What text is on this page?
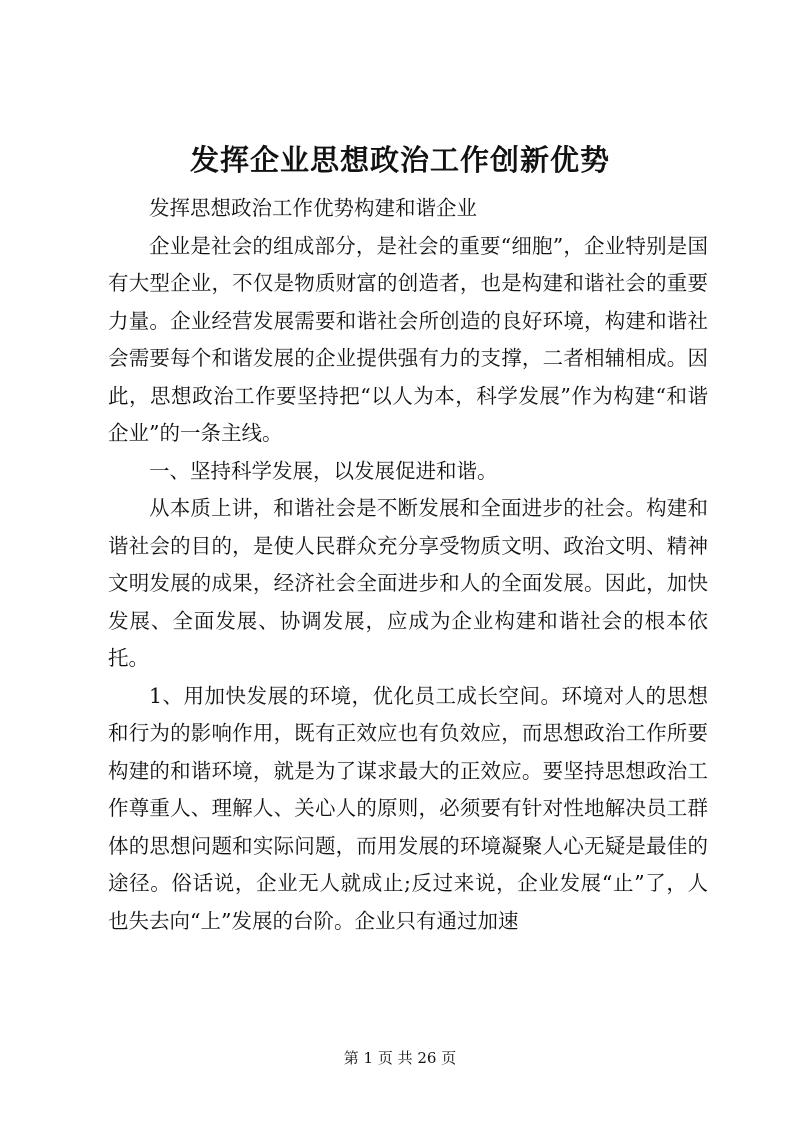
发挥企业思想政治工作创新优势

发挥思想政治工作优势构建和谐企业

企业是社会的组成部分，是社会的重要“细胞”，企业特别是国有大型企业，不仅是物质财富的创造者，也是构建和谐社会的重要力量。企业经营发展需要和谐社会所创造的良好环境，构建和谐社会需要每个和谐发展的企业提供强有力的支撑，二者相辅相成。因此，思想政治工作要坚持把“以人为本，科学发展”作为构建“和谐企业”的一条主线。

一、坚持科学发展，以发展促进和谐。

从本质上讲，和谐社会是不断发展和全面进步的社会。构建和谐社会的目的，是使人民群众充分享受物质文明、政治文明、精神文明发展的成果，经济社会全面进步和人的全面发展。因此，加快发展、全面发展、协调发展，应成为企业构建和谐社会的根本依托。

1、用加快发展的环境，优化员工成长空间。环境对人的思想和行为的影响作用，既有正效应也有负效应，而思想政治工作所要构建的和谐环境，就是为了谋求最大的正效应。要坚持思想政治工作尊重人、理解人、关心人的原则，必须要有针对性地解决员工群体的思想问题和实际问题，而用发展的环境凝聚人心无疑是最佳的途径。俗话说，企业无人就成止;反过来说，企业发展“止”了，人也失去向“上”发展的台阶。企业只有通过加速

第 1 页 共 26 页
